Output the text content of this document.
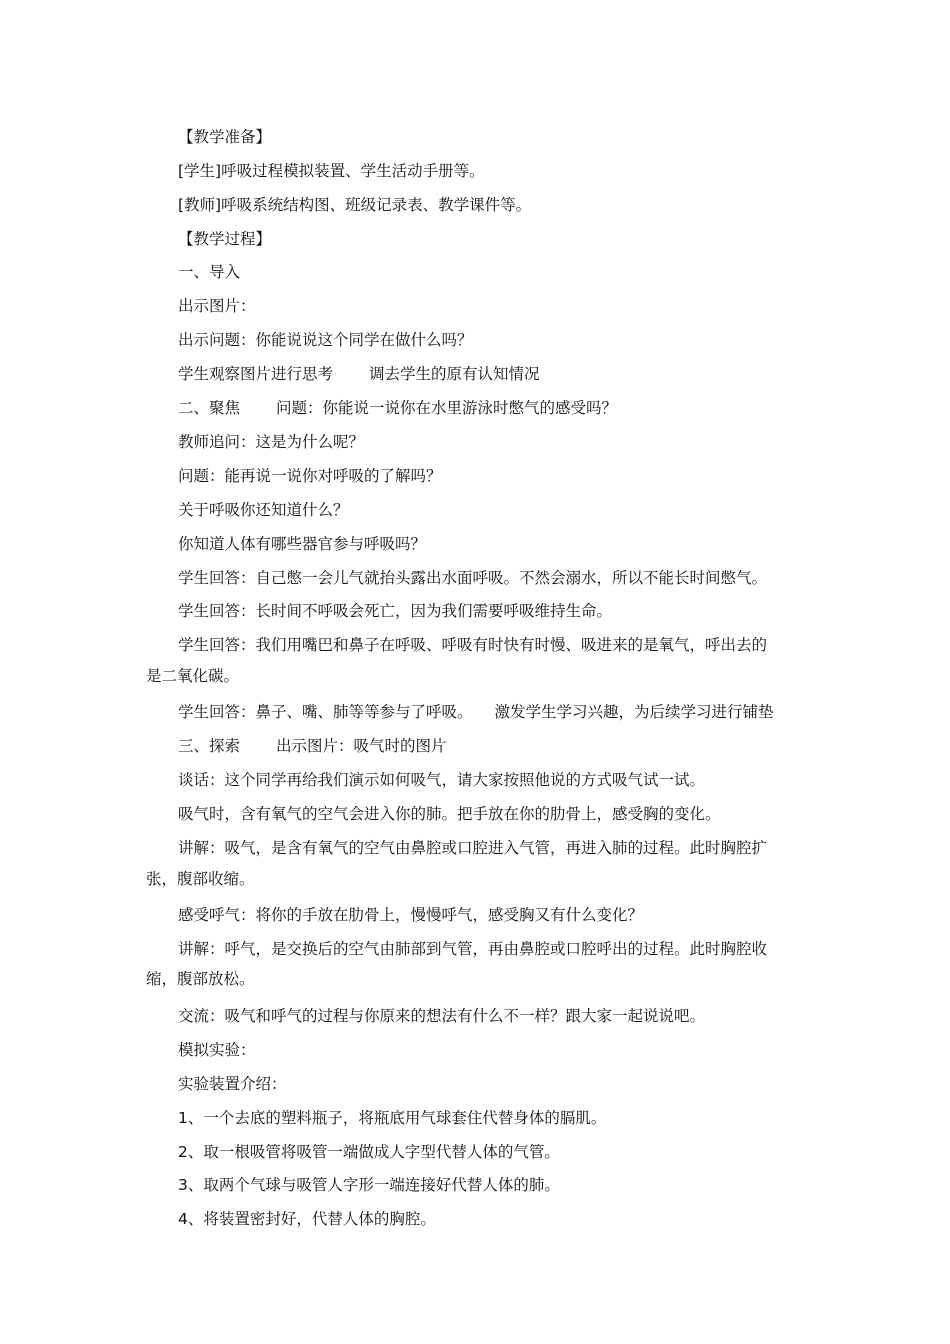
【教学准备】
[学生]呼吸过程模拟装置、学生活动手册等。
[教师]呼吸系统结构图、班级记录表、教学课件等。
【教学过程】
一、导入
出示图片：
出示问题：你能说说这个同学在做什么吗？
学生观察图片进行思考 调去学生的原有认知情况
二、聚焦 问题：你能说一说你在水里游泳时憋气的感受吗？
教师追问：这是为什么呢？
问题：能再说一说你对呼吸的了解吗？
关于呼吸你还知道什么？
你知道人体有哪些器官参与呼吸吗？
学生回答：自己憋一会儿气就抬头露出水面呼吸。不然会溺水，所以不能长时间憋气。
学生回答：长时间不呼吸会死亡，因为我们需要呼吸维持生命。
学生回答：我们用嘴巴和鼻子在呼吸、呼吸有时快有时慢、吸进来的是氧气，呼出去的
是二氧化碳。
学生回答：鼻子、嘴、肺等等参与了呼吸。 激发学生学习兴趣，为后续学习进行铺垫
三、探索 出示图片：吸气时的图片
谈话：这个同学再给我们演示如何吸气，请大家按照他说的方式吸气试一试。
吸气时，含有氧气的空气会进入你的肺。把手放在你的肋骨上，感受胸的变化。
讲解：吸气，是含有氧气的空气由鼻腔或口腔进入气管，再进入肺的过程。此时胸腔扩
张，腹部收缩。
感受呼气：将你的手放在肋骨上，慢慢呼气，感受胸又有什么变化？
讲解：呼气，是交换后的空气由肺部到气管，再由鼻腔或口腔呼出的过程。此时胸腔收
缩，腹部放松。
交流：吸气和呼气的过程与你原来的想法有什么不一样？跟大家一起说说吧。
模拟实验：
实验装置介绍：
1、一个去底的塑料瓶子，将瓶底用气球套住代替身体的膈肌。
2、取一根吸管将吸管一端做成人字型代替人体的气管。
3、取两个气球与吸管人字形一端连接好代替人体的肺。
4、将装置密封好，代替人体的胸腔。
